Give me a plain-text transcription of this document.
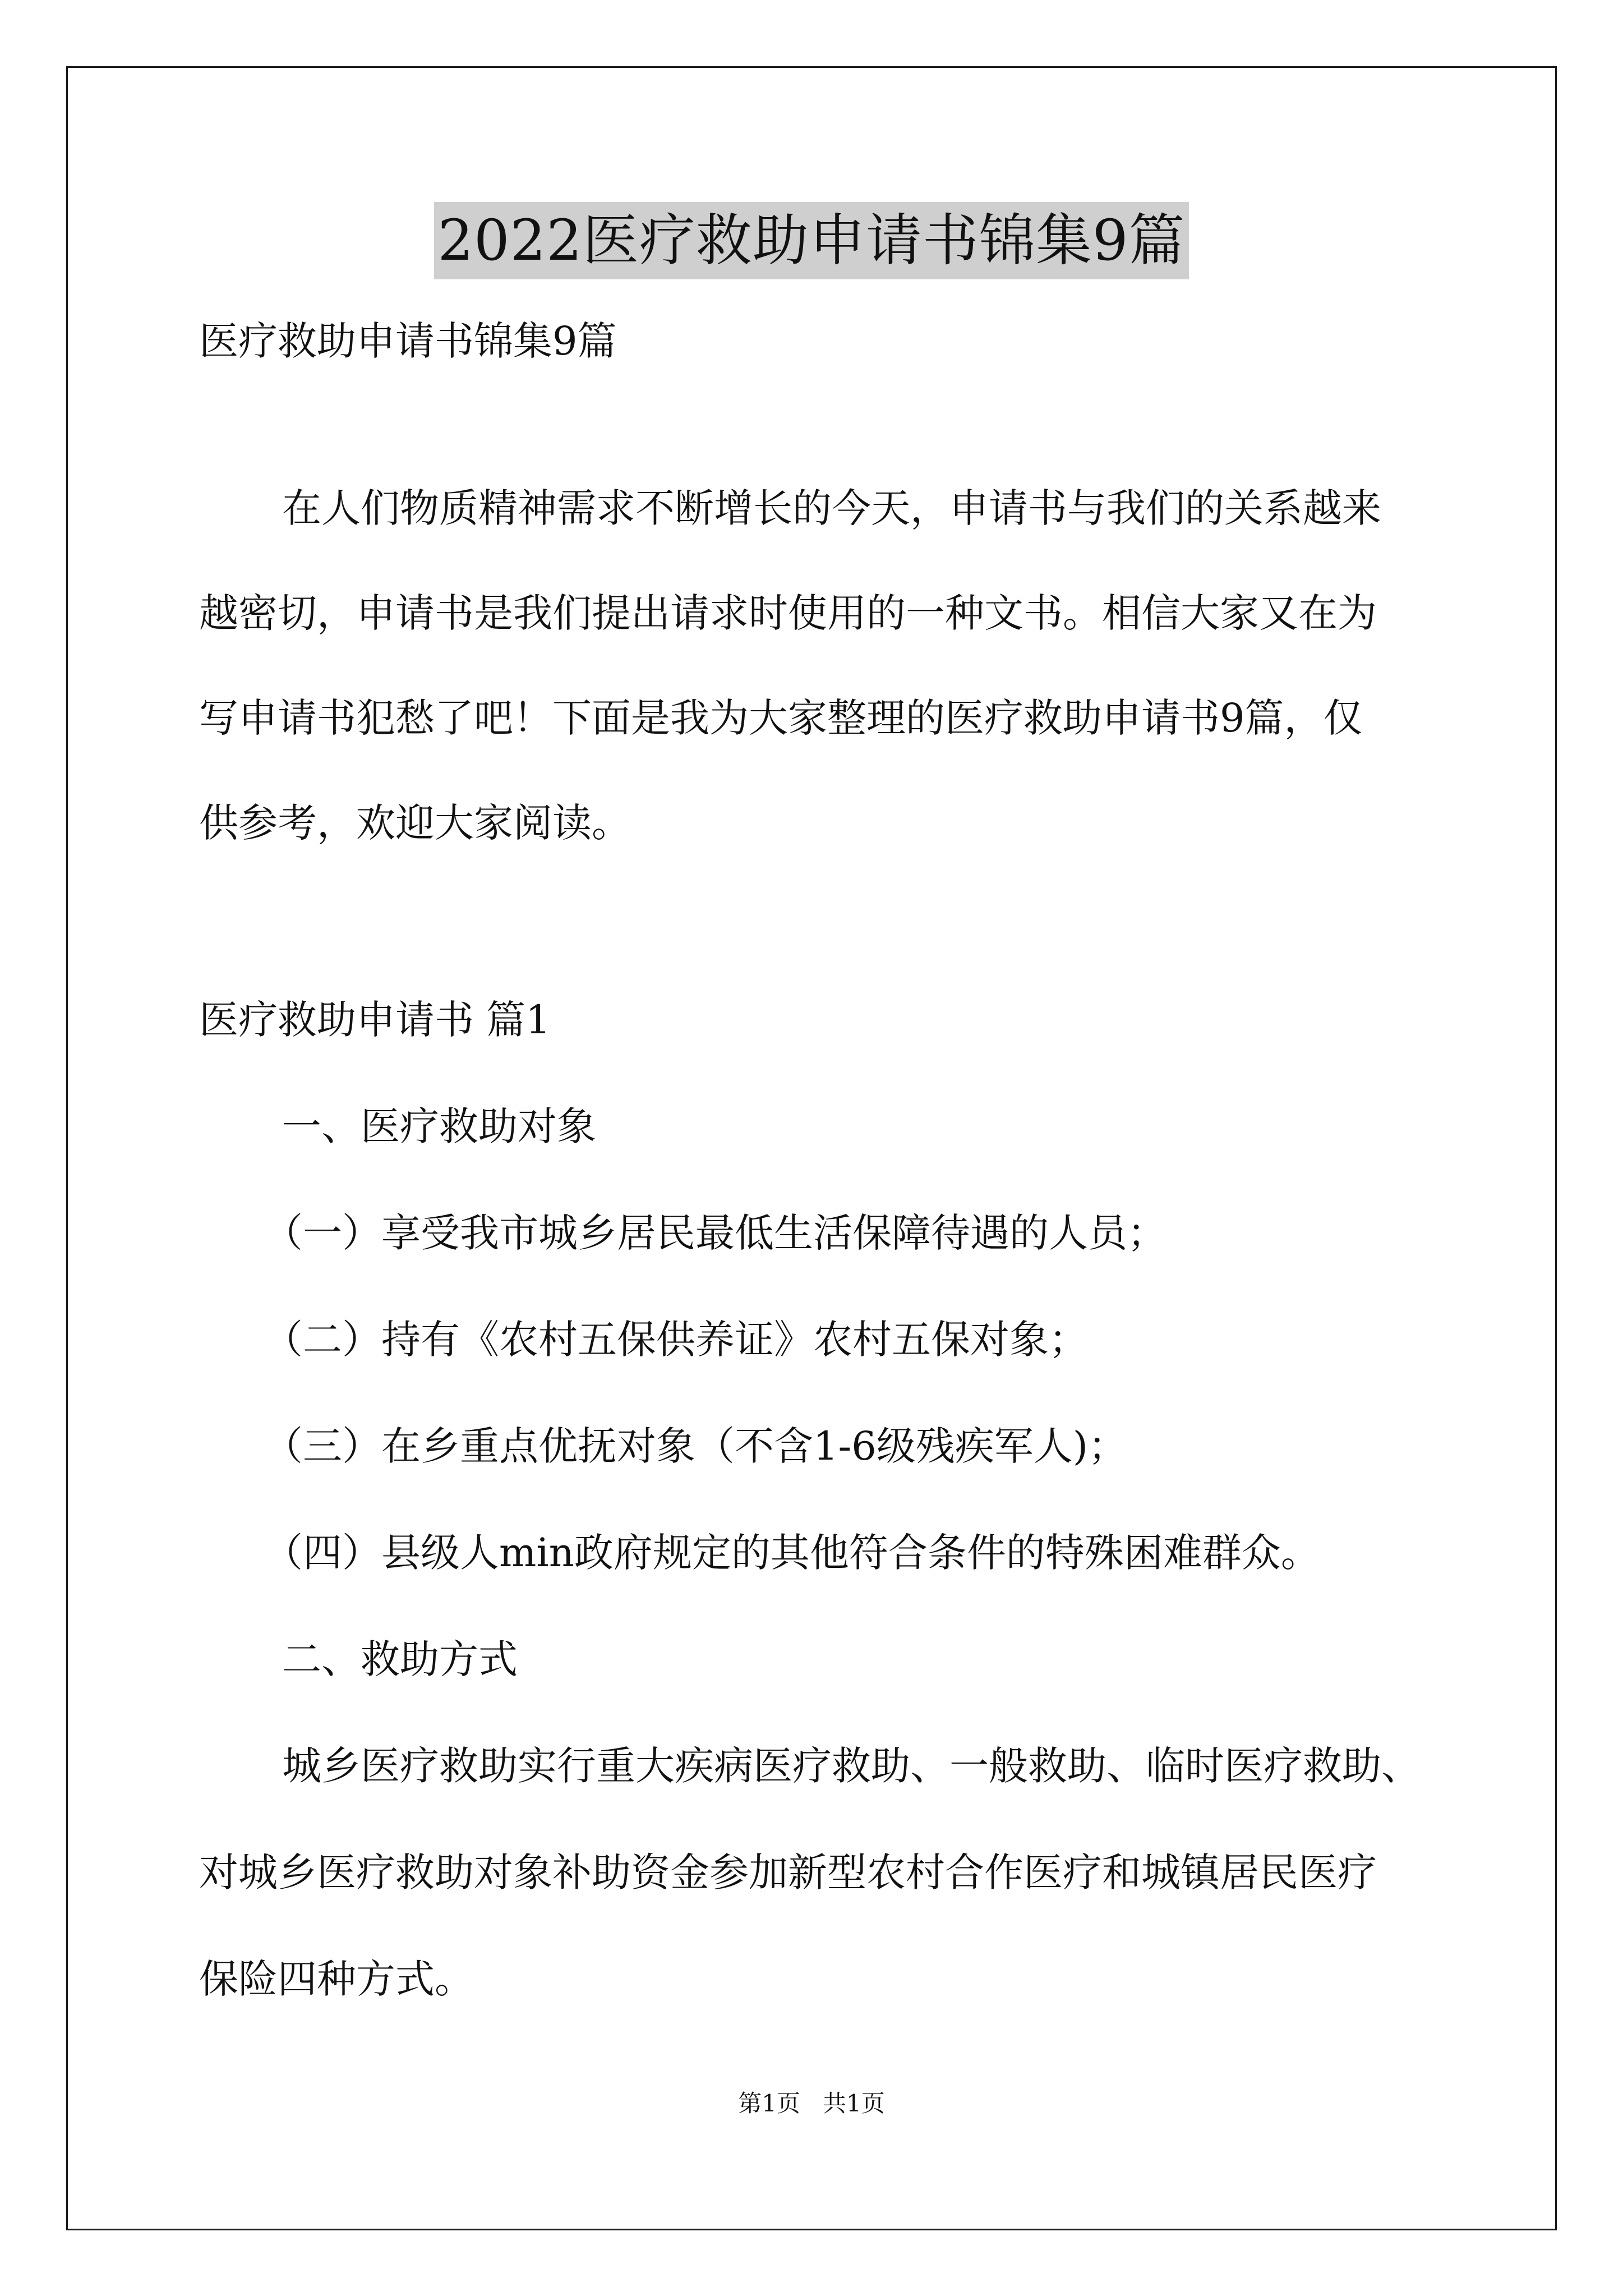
2022医疗救助申请书锦集9篇
医疗救助申请书锦集9篇
在人们物质精神需求不断增长的今天，申请书与我们的关系越来
越密切，申请书是我们提出请求时使用的一种文书。相信大家又在为
写申请书犯愁了吧！下面是我为大家整理的医疗救助申请书9篇，仅
供参考，欢迎大家阅读。
医疗救助申请书 篇1
一、医疗救助对象
（一）享受我市城乡居民最低生活保障待遇的人员；
（二）持有《农村五保供养证》农村五保对象；
（三）在乡重点优抚对象（不含1-6级残疾军人)；
（四）县级人min政府规定的其他符合条件的特殊困难群众。
二、救助方式
城乡医疗救助实行重大疾病医疗救助、一般救助、临时医疗救助、
对城乡医疗救助对象补助资金参加新型农村合作医疗和城镇居民医疗
保险四种方式。
第1页   共1页
